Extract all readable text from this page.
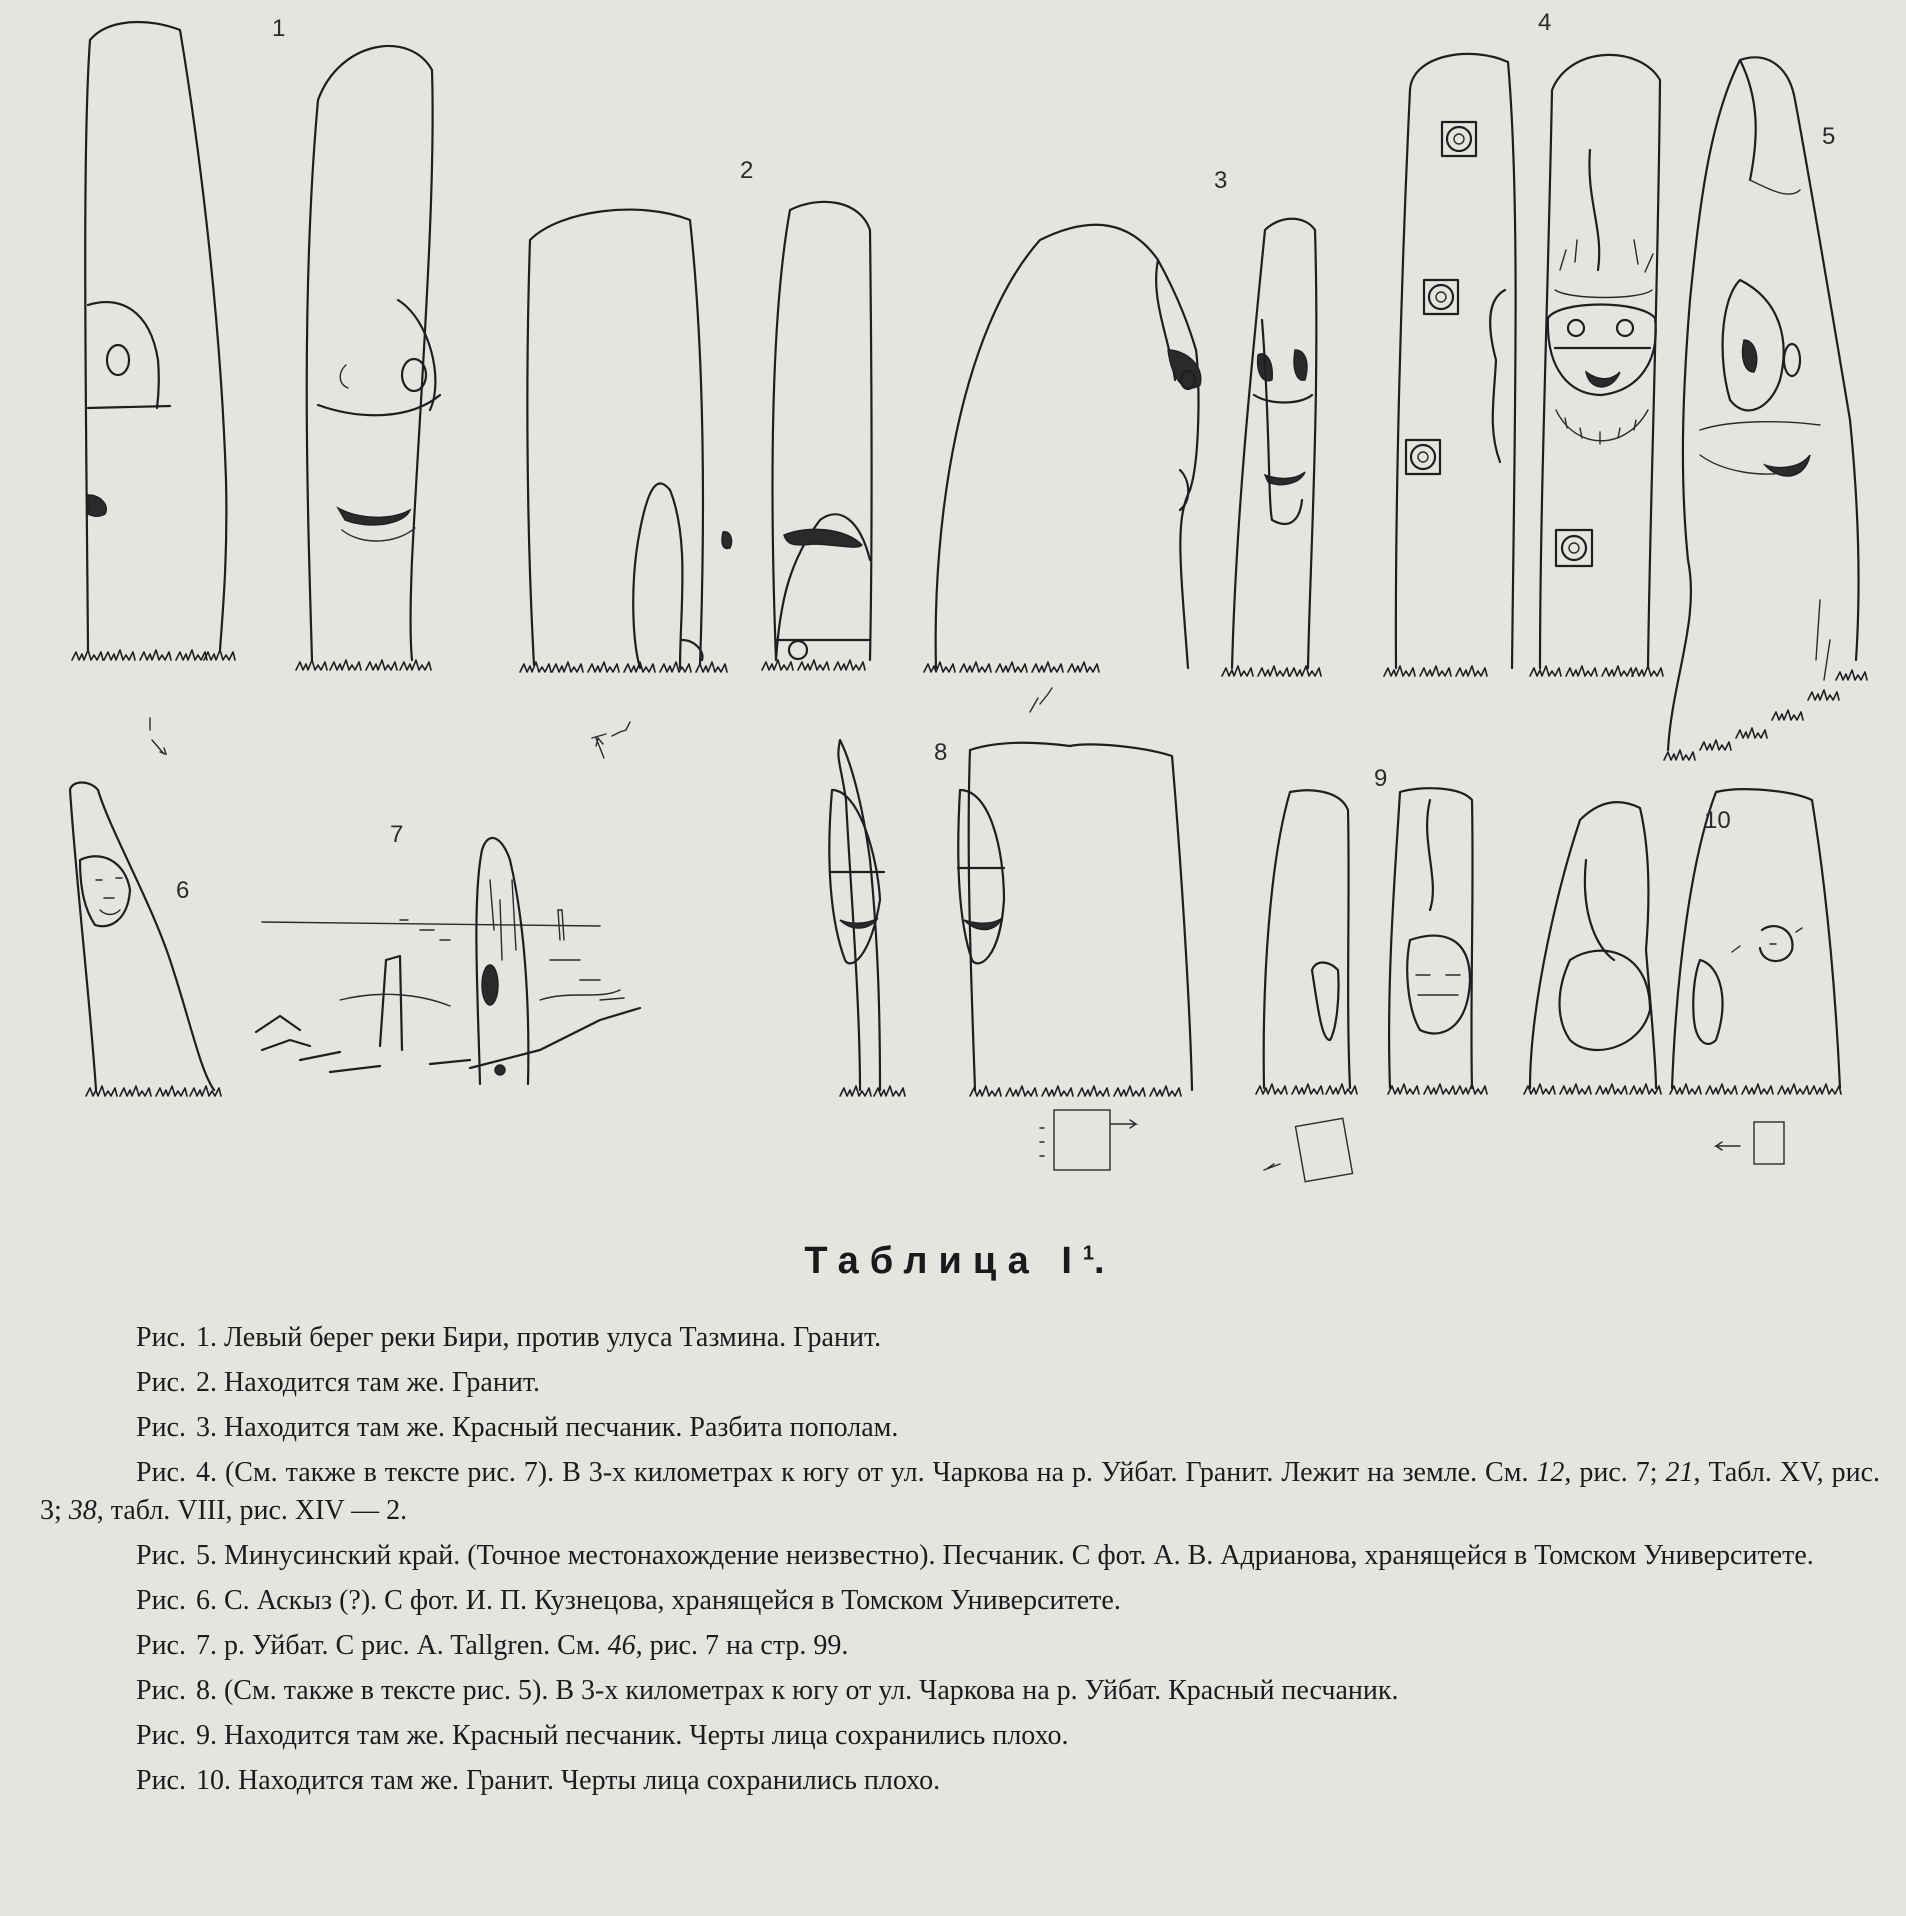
1
2	3
4
5
6
7
8
9
10
Таблица $I^1$.

Рис. 1. Левый берег реки Бири, против улуса Тазмина. Гранит.

Рис. 2. Находится там же. Гранит.

Рис. 3. Находится там же. Красный песчаник. Разбита пополам.

Рис. 4. (См. также в тексте рис. 7). В 3-х километрах к югу от ул. Чаркова на р. Уйбат. Гранит. Лежит на земле. См. 12, рис. 7; 21, Табл. XV, рис. 3; 38, табл. VIII, рис. XIV — 2.

Рис. 5. Минусинский край. (Точное местонахождение неизвестно). Песчаник. С фот. А. В. Адрианова, хранящейся в Томском Университете.

Рис. 6. С. Аскыз (?). С фот. И. П. Кузнецова, хранящейся в Томском Университете.

Рис. 7. р. Уйбат. С рис. A. Tallgren. См. 46, рис. 7 на стр. 99.

Рис. 8. (См. также в тексте рис. 5). В 3-х километрах к югу от ул. Чаркова на р. Уйбат. Красный песчаник.

Рис. 9. Находится там же. Красный песчаник. Черты лица сохранились плохо.

Рис. 10. Находится там же. Гранит. Черты лица сохранились плохо.
